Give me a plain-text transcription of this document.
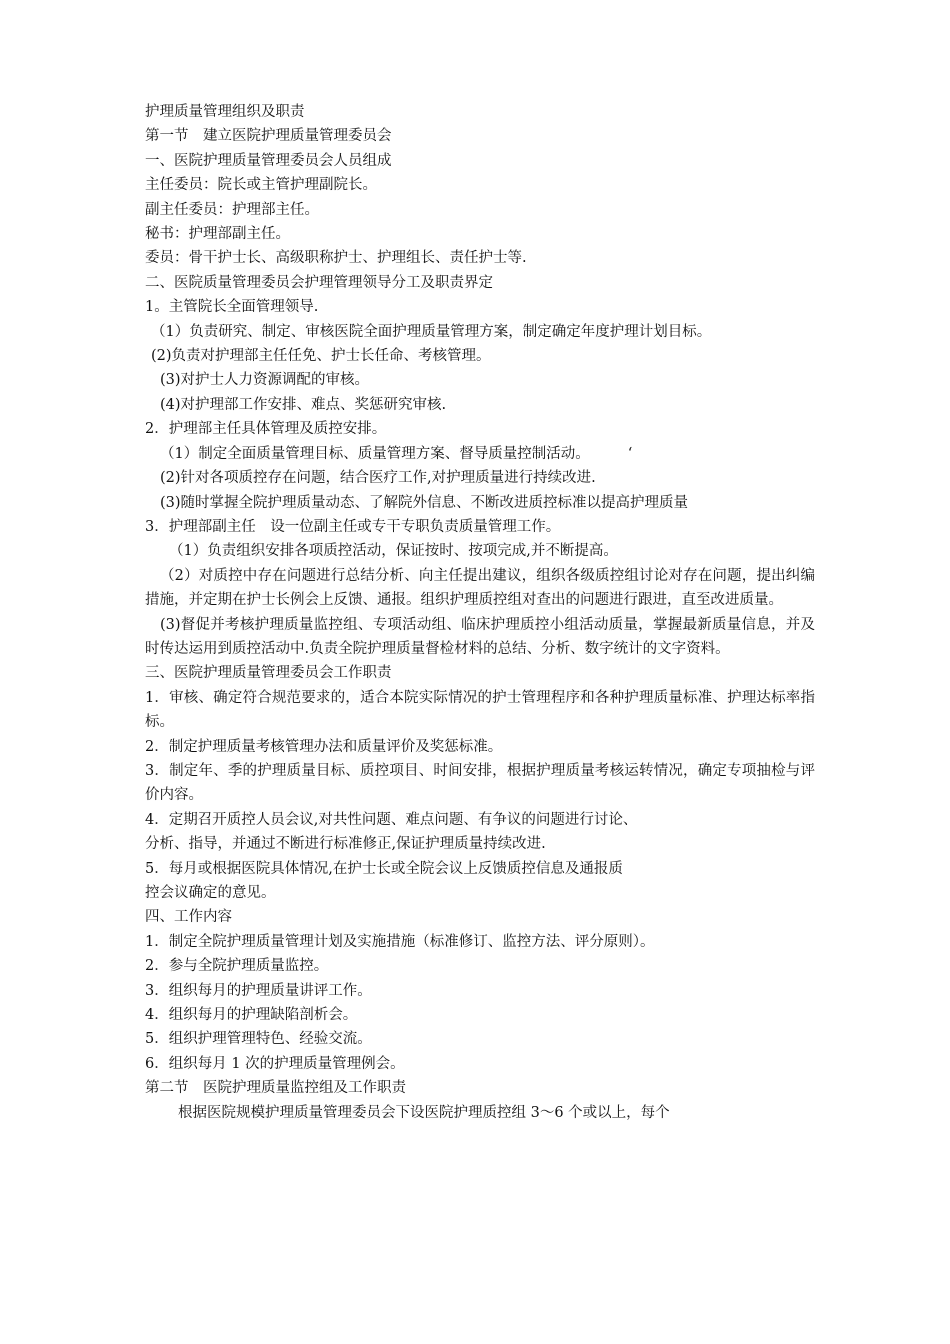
护理质量管理组织及职责
第一节　建立医院护理质量管理委员会
一、医院护理质量管理委员会人员组成
主任委员：院长或主管护理副院长。
副主任委员：护理部主任。
秘书：护理部副主任。
委员：骨干护士长、高级职称护士、护理组长、责任护士等.
二、医院质量管理委员会护理管理领导分工及职责界定
1。主管院长全面管理领导.
（1）负责研究、制定、审核医院全面护理质量管理方案，制定确定年度护理计划目标。
(2)负责对护理部主任任免、护士长任命、考核管理。
(3)对护士人力资源调配的审核。
(4)对护理部工作安排、难点、奖惩研究审核.
2．护理部主任具体管理及质控安排。
（1）制定全面质量管理目标、质量管理方案、督导质量控制活动。	‘
(2)针对各项质控存在问题，结合医疗工作,对护理质量进行持续改进.
(3)随时掌握全院护理质量动态、了解院外信息、不断改进质控标准以提高护理质量
3．护理部副主任　设一位副主任或专干专职负责质量管理工作。
（1）负责组织安排各项质控活动，保证按时、按项完成,并不断提高。
（2）对质控中存在问题进行总结分析、向主任提出建议，组织各级质控组讨论对存在问题，提出纠编措施，并定期在护士长例会上反馈、通报。组织护理质控组对查出的问题进行跟进，直至改进质量。
(3)督促并考核护理质量监控组、专项活动组、临床护理质控小组活动质量，掌握最新质量信息，并及时传达运用到质控活动中.负责全院护理质量督检材料的总结、分析、数字统计的文字资料。
三、医院护理质量管理委员会工作职责
1．审核、确定符合规范要求的，适合本院实际情况的护士管理程序和各种护理质量标准、护理达标率指标。
2．制定护理质量考核管理办法和质量评价及奖惩标准。
3．制定年、季的护理质量目标、质控项目、时间安排，根据护理质量考核运转情况，确定专项抽检与评价内容。
4．定期召开质控人员会议,对共性问题、难点问题、有争议的问题进行讨论、
分析、指导，并通过不断进行标准修正,保证护理质量持续改进.
5．每月或根据医院具体情况,在护士长或全院会议上反馈质控信息及通报质
控会议确定的意见。
四、工作内容
1．制定全院护理质量管理计划及实施措施（标准修订、监控方法、评分原则）。
2．参与全院护理质量监控。
3．组织每月的护理质量讲评工作。
4．组织每月的护理缺陷剖析会。
5．组织护理管理特色、经验交流。
6．组织每月 1 次的护理质量管理例会。
第二节　医院护理质量监控组及工作职责
根据医院规模护理质量管理委员会下设医院护理质控组 3～6 个或以上，每个
